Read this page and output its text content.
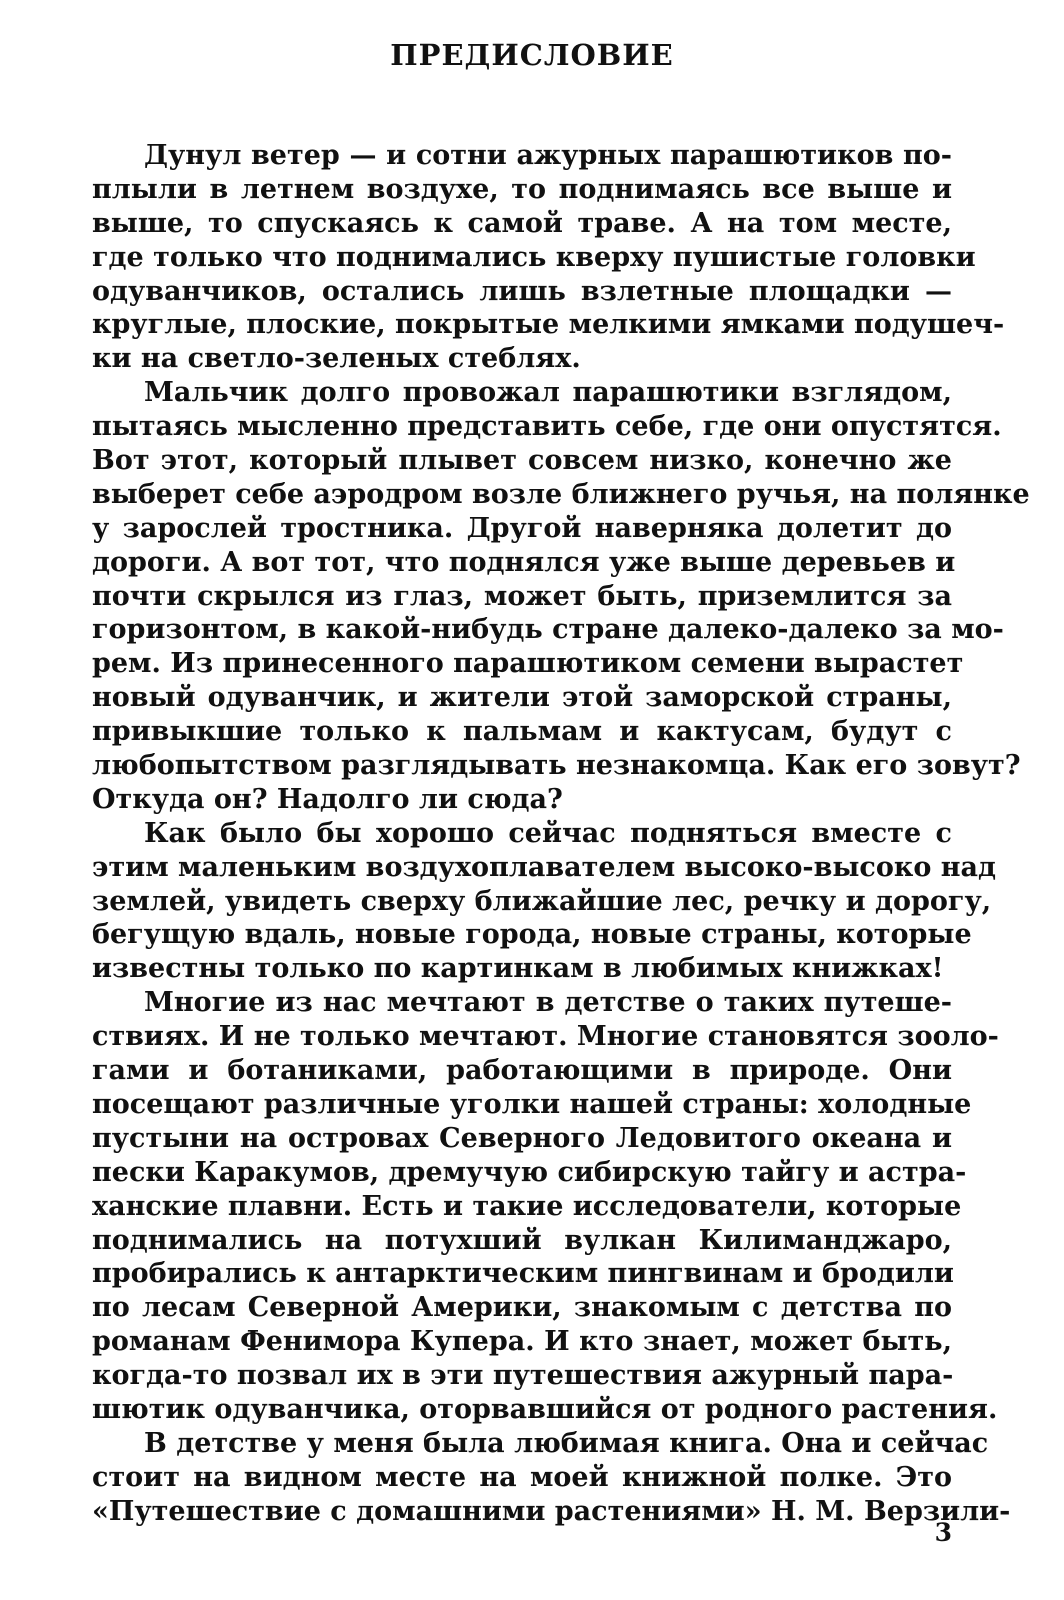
ПРЕДИСЛОВИЕ
Дунул ветер — и сотни ажурных парашютиков по-
плыли в летнем воздухе, то поднимаясь все выше и
выше, то спускаясь к самой траве. А на том месте,
где только что поднимались кверху пушистые головки
одуванчиков, остались лишь взлетные площадки —
круглые, плоские, покрытые мелкими ямками подушеч-
ки на светло-зеленых стеблях.
Мальчик долго провожал парашютики взглядом,
пытаясь мысленно представить себе, где они опустятся.
Вот этот, который плывет совсем низко, конечно же
выберет себе аэродром возле ближнего ручья, на полянке
у зарослей тростника. Другой наверняка долетит до
дороги. А вот тот, что поднялся уже выше деревьев и
почти скрылся из глаз, может быть, приземлится за
горизонтом, в какой-нибудь стране далеко-далеко за мо-
рем. Из принесенного парашютиком семени вырастет
новый одуванчик, и жители этой заморской страны,
привыкшие только к пальмам и кактусам, будут с
любопытством разглядывать незнакомца. Как его зовут?
Откуда он? Надолго ли сюда?
Как было бы хорошо сейчас подняться вместе с
этим маленьким воздухоплавателем высоко-высоко над
землей, увидеть сверху ближайшие лес, речку и дорогу,
бегущую вдаль, новые города, новые страны, которые
известны только по картинкам в любимых книжках!
Многие из нас мечтают в детстве о таких путеше-
ствиях. И не только мечтают. Многие становятся зооло-
гами и ботаниками, работающими в природе. Они
посещают различные уголки нашей страны: холодные
пустыни на островах Северного Ледовитого океана и
пески Каракумов, дремучую сибирскую тайгу и астра-
ханские плавни. Есть и такие исследователи, которые
поднимались на потухший вулкан Килиманджаро,
пробирались к антарктическим пингвинам и бродили
по лесам Северной Америки, знакомым с детства по
романам Фенимора Купера. И кто знает, может быть,
когда-то позвал их в эти путешествия ажурный пара-
шютик одуванчика, оторвавшийся от родного растения.
В детстве у меня была любимая книга. Она и сейчас
стоит на видном месте на моей книжной полке. Это
«Путешествие с домашними растениями» Н. М. Верзили-
3
